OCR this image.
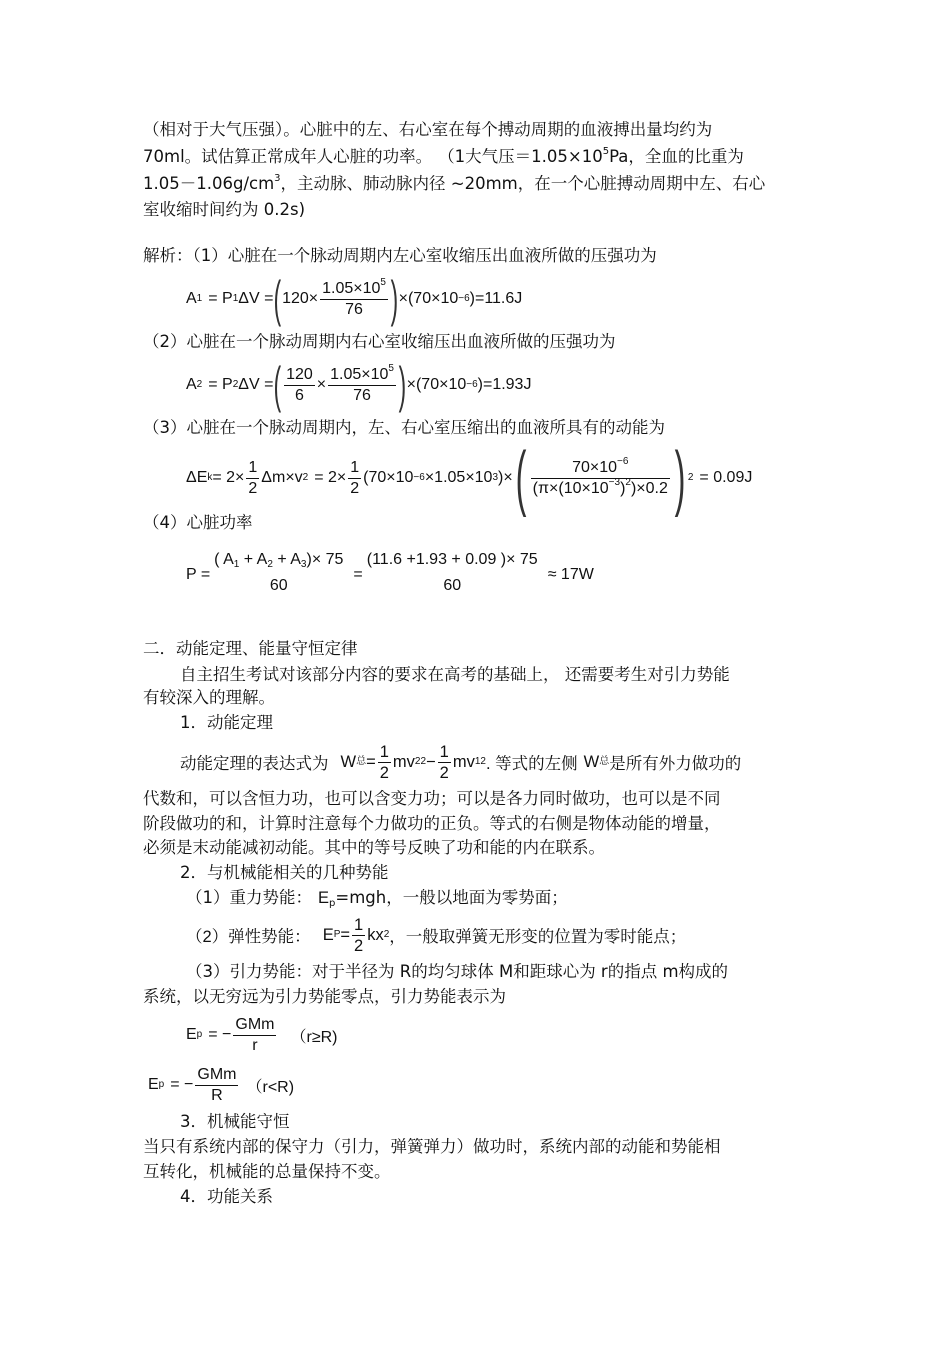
（相对于大气压强）。心脏中的左、右心室在每个搏动周期的血液搏出量均约为
70ml。试估算正常成年人心脏的功率。 （1大气压$=1.05\times 10^5Pa$，全血的比重为
$1.05-1.06g/cm^3$，主动脉、肺动脉内径 ~20mm，在一个心脏搏动周期中左、右心
室收缩时间约为 0.2s)
解析：（1）心脏在一个脉动周期内左心室收缩压出血液所做的压强功为
A 1 = P 1 ΔV = ( $120\times \frac{1.05\times 10^5}{76}$ ) ×(70×10 −6 )=11.6J
（2）心脏在一个脉动周期内右心室收缩压出血液所做的压强功为
A 2 = P 2 ΔV = ( $\frac{120}{6} \times \frac{1.05\times 10^5}{76}$ ) ×(70×10 −6 )=1.93J
（3）心脏在一个脉动周期内，左、右心室压缩出的血液所具有的动能为
ΔE $k = 2\times \frac{1}{2} \Delta m\times v$ $2 = 2\times \frac{1}{2} (70\times 10 -6 \times 1.05\times 10$ 3 )× ( $\frac{70\times 10^{-6}}{(\pi\times(10\times 10^{-3})^2)\times 0.2}$ ) 2 = 0.09J
（4）心脏功率
P =
( $A_1 + A_2 + A_3)\times 75$
60
=
(11.6 +1.93 + 0.09 )× 75
60
≈ 17W
二．动能定理、能量守恒定律
自主招生考试对该部分内容的要求在高考的基础上， 还需要考生对引力势能
有较深入的理解。
1．动能定理
动能定理的表达式为 W 总 = $\frac{1}{2}$ mv 2 $2 - \frac{1}{2}$ mv 1 2 . 等式的左侧 W 总 是所有外力做功的
代数和，可以含恒力功，也可以含变力功；可以是各力同时做功，也可以是不同
阶段做功的和，计算时注意每个力做功的正负。等式的右侧是物体动能的增量，
必须是末动能减初动能。其中的等号反映了功和能的内在联系。
2．与机械能相关的几种势能
（1）重力势能： $E_p=mgh$，一般以地面为零势面；
（2）弹性势能： E $P = \frac{1}{2}$ kx 2 ，一般取弹簧无形变的位置为零时能点；
（3）引力势能：对于半径为 R的均匀球体 M和距球心为 r的指点 m构成的
系统，以无穷远为引力势能零点，引力势能表示为
E p = − $\frac{\text{GMm}}{r} (r\ge R)$
E p = − $\frac{\text{GMm}}{R} (r<R)$
3．机械能守恒
当只有系统内部的保守力（引力，弹簧弹力）做功时，系统内部的动能和势能相
互转化，机械能的总量保持不变。
4．功能关系
